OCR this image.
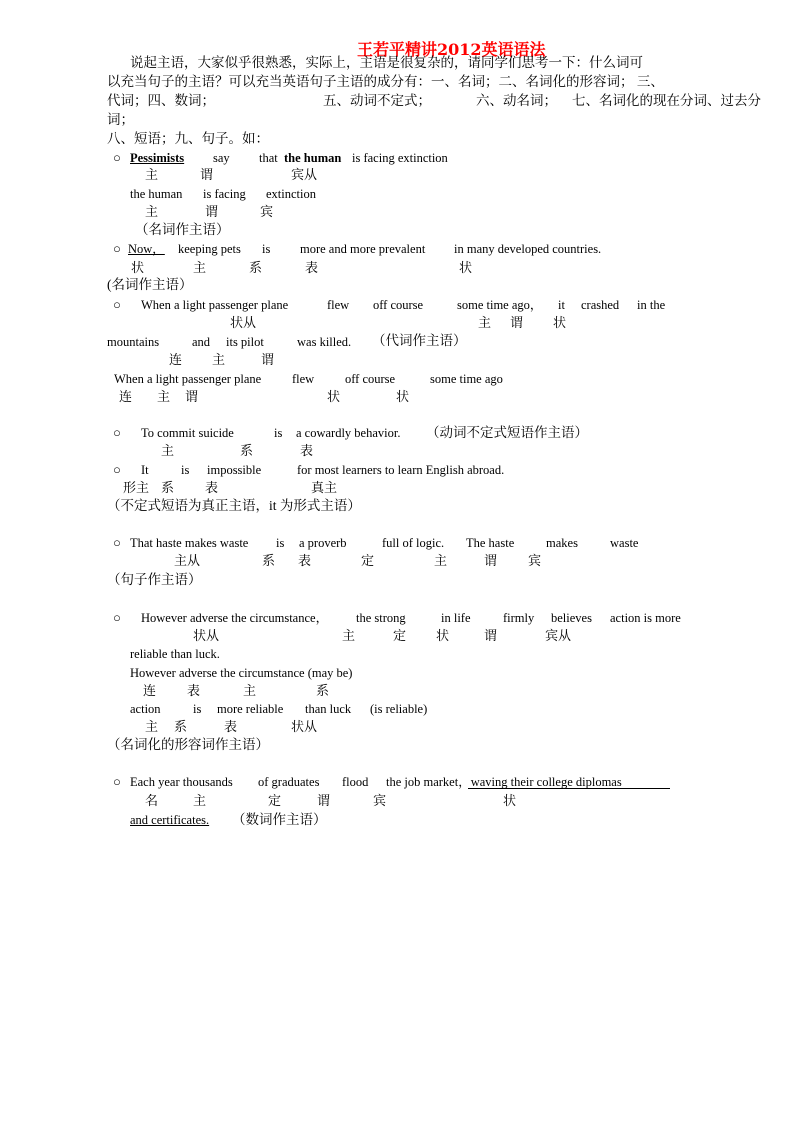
王若平精讲2012英语语法
说起主语，大家似乎很熟悉，实际上，主语是很复杂的，请同学们思考一下：什么词可
以充当句子的主语？可以充当英语句子主语的成分有：一、名词；二、名词化的形容词； 三、
代词；四、数词；	五、动词不定式；	六、动名词； 七、名词化的现在分词、过去分
词；
八、短语；九、句子。如：
○ Pessimists say that the human is facing extinction
主	谓	宾从
the human is facing extinction
主	谓	宾
（名词作主语）
○ Now， keeping pets is more and more prevalent in many developed countries.
状	主	系	表	状
(名词作主语）
○ When a light passenger plane	flew off course	some time ago， it crashed in the
状从	主 谓 状
mountains	and its pilot	was killed. （代词作主语）
连 主	谓
When a light passenger plane flew off course	some time ago
连 主 谓	状	状
○ To commit suicide	is a cowardly behavior. （动词不定式短语作主语）
主	系	表
○ It	is impossible	for most learners to learn English abroad.
形主 系 表	真主
（不定式短语为真正主语，it 为形式主语）
○ That haste makes waste is a proverb	full of logic. The haste	makes	waste
主从	系 表	定	主	谓 宾
（句子作主语）
○ However adverse the circumstance， the strong	in life	firmly believes action is more
状从	主	定 状	谓	宾从
reliable than luck.
However adverse the circumstance (may be)
连 表	主	系
action	is more reliable than luck (is reliable)
主 系	表	状从
（名词化的形容词作主语）
○ Each year thousands of graduates flood the job market，waving their college diplomas
名	主	定	谓	宾	状
and certificates. （数词作主语）
